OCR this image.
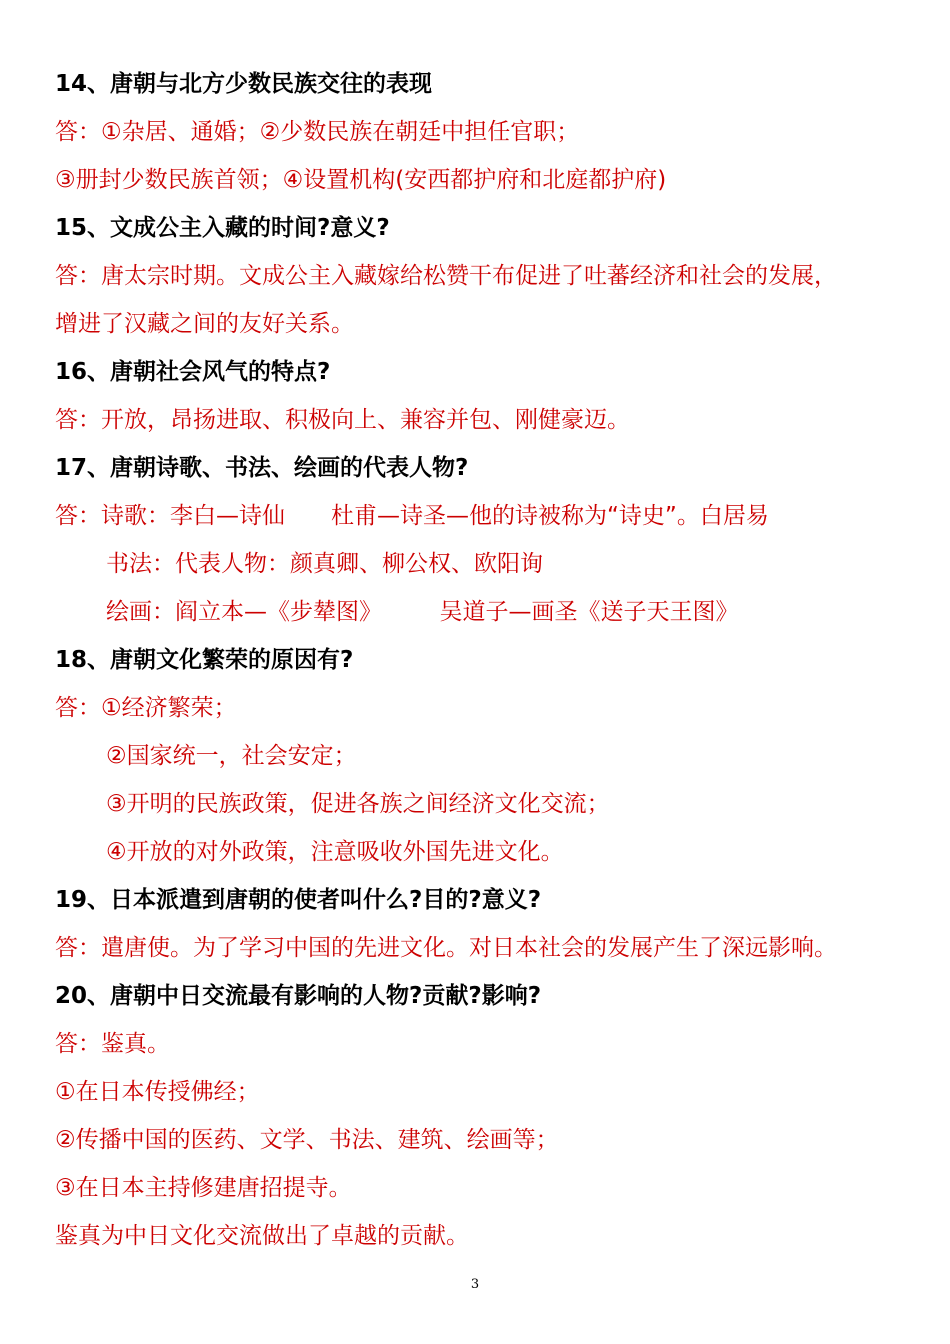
14、唐朝与北方少数民族交往的表现

答：①杂居、通婚；②少数民族在朝廷中担任官职；

③册封少数民族首领；④设置机构(安西都护府和北庭都护府)

15、文成公主入藏的时间?意义?

答：唐太宗时期。文成公主入藏嫁给松赞干布促进了吐蕃经济和社会的发展，

增进了汉藏之间的友好关系。

16、唐朝社会风气的特点?

答：开放，昂扬进取、积极向上、兼容并包、刚健豪迈。

17、唐朝诗歌、书法、绘画的代表人物?

答：诗歌：李白—诗仙　　杜甫—诗圣—他的诗被称为“诗史”。白居易

书法：代表人物：颜真卿、柳公权、欧阳询

绘画：阎立本—《步辇图》　　　吴道子—画圣《送子天王图》

18、唐朝文化繁荣的原因有?

答：①经济繁荣；

②国家统一，社会安定；

③开明的民族政策，促进各族之间经济文化交流；

④开放的对外政策，注意吸收外国先进文化。

19、日本派遣到唐朝的使者叫什么?目的?意义?

答：遣唐使。为了学习中国的先进文化。对日本社会的发展产生了深远影响。

20、唐朝中日交流最有影响的人物?贡献?影响?

答：鉴真。

①在日本传授佛经；

②传播中国的医药、文学、书法、建筑、绘画等；

③在日本主持修建唐招提寺。

鉴真为中日文化交流做出了卓越的贡献。

3
